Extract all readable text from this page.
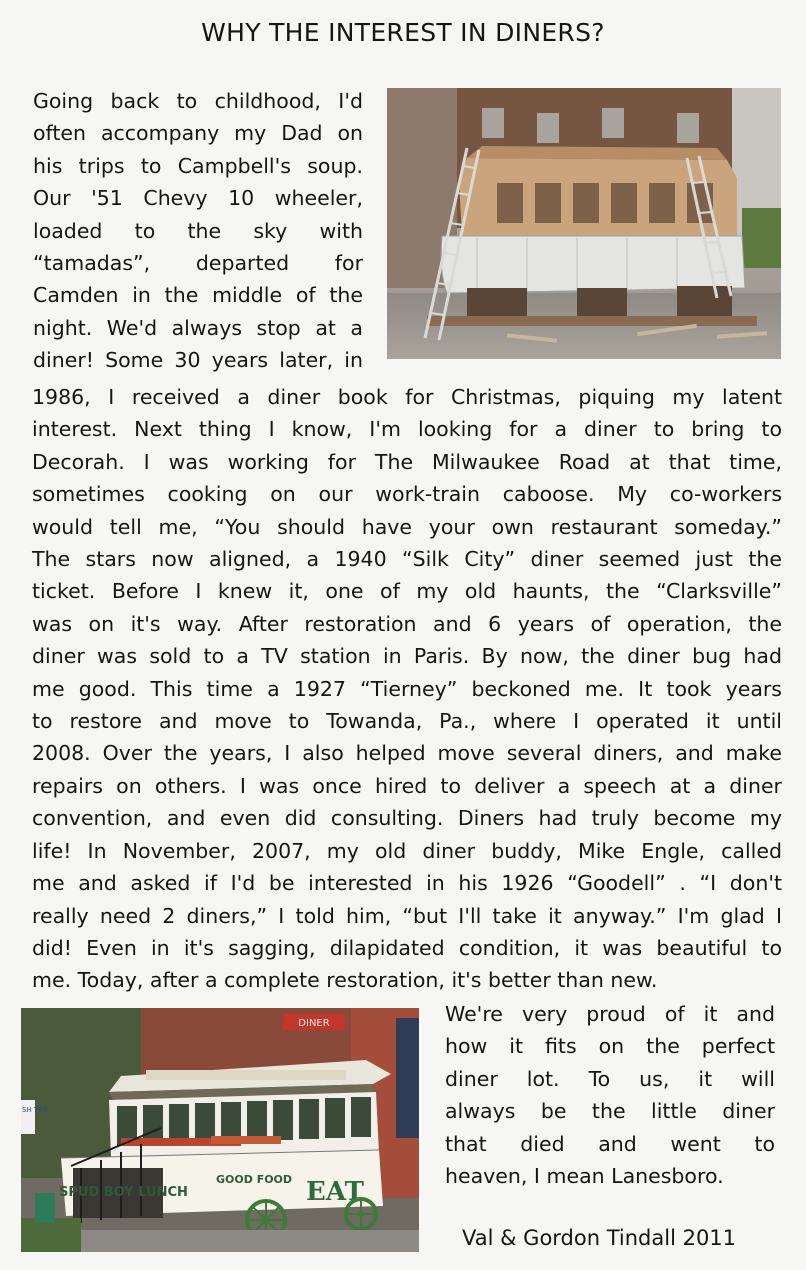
WHY THE INTEREST IN DINERS?
Going back to childhood, I'd
often accompany my Dad on
his trips to Campbell's soup.
Our '51 Chevy 10 wheeler,
loaded to the sky with
“tamadas”, departed for
Camden in the middle of the
night. We'd always stop at a
diner! Some 30 years later, in
1986, I received a diner book for Christmas, piquing my latent
interest. Next thing I know, I'm looking for a diner to bring to
Decorah. I was working for The Milwaukee Road at that time,
sometimes cooking on our work-train caboose. My co-workers
would tell me, “You should have your own restaurant someday.”
The stars now aligned, a 1940 “Silk City” diner seemed just the
ticket. Before I knew it, one of my old haunts, the “Clarksville”
was on it's way. After restoration and 6 years of operation, the
diner was sold to a TV station in Paris. By now, the diner bug had
me good. This time a 1927 “Tierney” beckoned me. It took years
to restore and move to Towanda, Pa., where I operated it until
2008. Over the years, I also helped move several diners, and make
repairs on others. I was once hired to deliver a speech at a diner
convention, and even did consulting. Diners had truly become my
life! In November, 2007, my old diner buddy, Mike Engle, called
me and asked if I'd be interested in his 1926 “Goodell” . “I don't
really need 2 diners,” I told him, “but I'll take it anyway.” I'm glad I
did! Even in it's sagging, dilapidated condition, it was beautiful to
me. Today, after a complete restoration, it's better than new.
DINER
SPUD BOY LUNCH
GOOD FOOD EAT
SH TRS
We're very proud of it and
how it fits on the perfect
diner lot. To us, it will
always be the little diner
that died and went to
heaven, I mean Lanesboro.
Val & Gordon Tindall 2011
